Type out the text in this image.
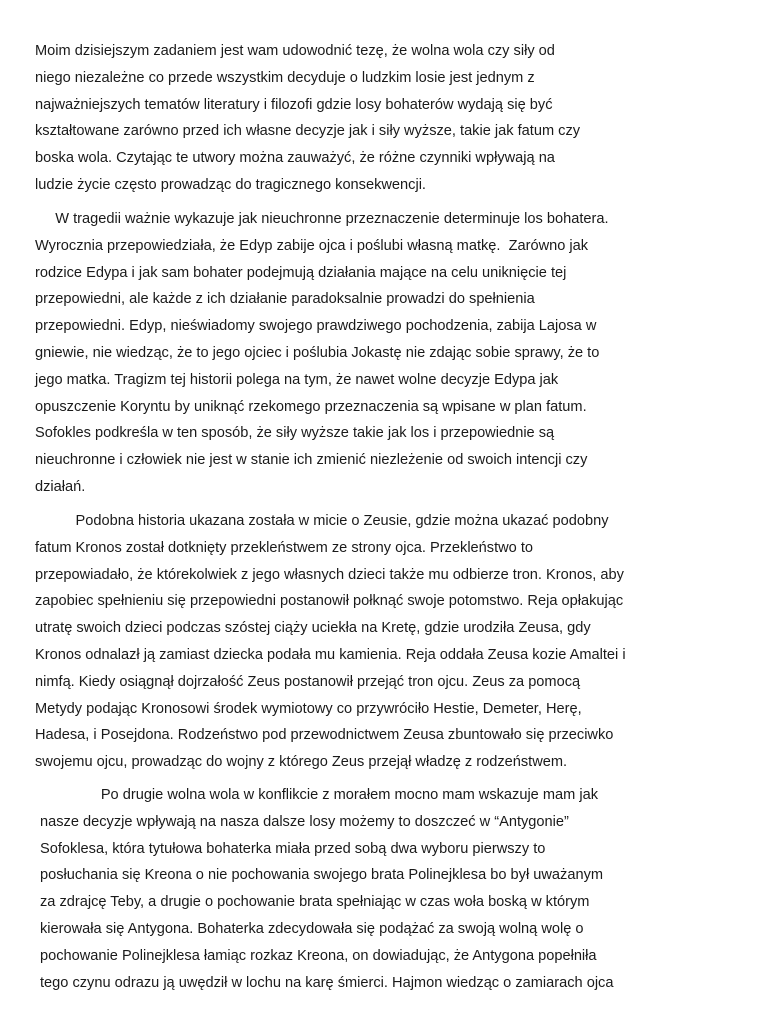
Moim dzisiejszym zadaniem jest wam udowodnić tezę, że wolna wola czy siły od
niego niezależne co przede wszystkim decyduje o ludzkim losie jest jednym z
najważniejszych tematów literatury i filozofi gdzie losy bohaterów wydają się być
kształtowane zarówno przed ich własne decyzje jak i siły wyższe, takie jak fatum czy
boska wola. Czytając te utwory można zauważyć, że różne czynniki wpływają na
ludzie życie często prowadząc do tragicznego konsekwencji.
W tragedii ważnie wykazuje jak nieuchronne przeznaczenie determinuje los bohatera.
Wyrocznia przepowiedziała, że Edyp zabije ojca i poślubi własną matkę.  Zarówno jak
rodzice Edypa i jak sam bohater podejmują działania mające na celu uniknięcie tej
przepowiedni, ale każde z ich działanie paradoksalnie prowadzi do spełnienia
przepowiedni. Edyp, nieświadomy swojego prawdziwego pochodzenia, zabija Lajosa w
gniewie, nie wiedząc, że to jego ojciec i poślubia Jokastę nie zdając sobie sprawy, że to
jego matka. Tragizm tej historii polega na tym, że nawet wolne decyzje Edypa jak
opuszczenie Koryntu by uniknąć rzekomego przeznaczenia są wpisane w plan fatum.
Sofokles podkreśla w ten sposób, że siły wyższe takie jak los i przepowiednie są
nieuchronne i człowiek nie jest w stanie ich zmienić niezleżenie od swoich intencji czy
działań.
Podobna historia ukazana została w micie o Zeusie, gdzie można ukazać podobny
fatum Kronos został dotknięty przekleństwem ze strony ojca. Przekleństwo to
przepowiadało, że którekolwiek z jego własnych dzieci także mu odbierze tron. Kronos, aby
zapobiec spełnieniu się przepowiedni postanowił połknąć swoje potomstwo. Reja opłakując
utratę swoich dzieci podczas szóstej ciąży uciekła na Kretę, gdzie urodziła Zeusa, gdy
Kronos odnalazł ją zamiast dziecka podała mu kamienia. Reja oddała Zeusa kozie Amaltei i
nimfą. Kiedy osiągnął dojrzałość Zeus postanowił przejąć tron ojcu. Zeus za pomocą
Metydy podając Kronosowi środek wymiotowy co przywróciło Hestie, Demeter, Herę,
Hadesa, i Posejdona. Rodzeństwo pod przewodnictwem Zeusa zbuntowało się przeciwko
swojemu ojcu, prowadząc do wojny z którego Zeus przejął władzę z rodzeństwem.
Po drugie wolna wola w konflikcie z morałem mocno mam wskazuje mam jak
nasze decyzje wpływają na nasza dalsze losy możemy to doszczeć w “Antygonie”
Sofoklesa, która tytułowa bohaterka miała przed sobą dwa wyboru pierwszy to
posłuchania się Kreona o nie pochowania swojego brata Polinejklesa bo był uważanym
za zdrajcę Teby, a drugie o pochowanie brata spełniając w czas woła boską w którym
kierowała się Antygona. Bohaterka zdecydowała się podążać za swoją wolną wolę o
pochowanie Polinejklesa łamiąc rozkaz Kreona, on dowiadując, że Antygona popełniła
tego czynu odrazu ją uwędził w lochu na karę śmierci. Hajmon wiedząc o zamiarach ojca
